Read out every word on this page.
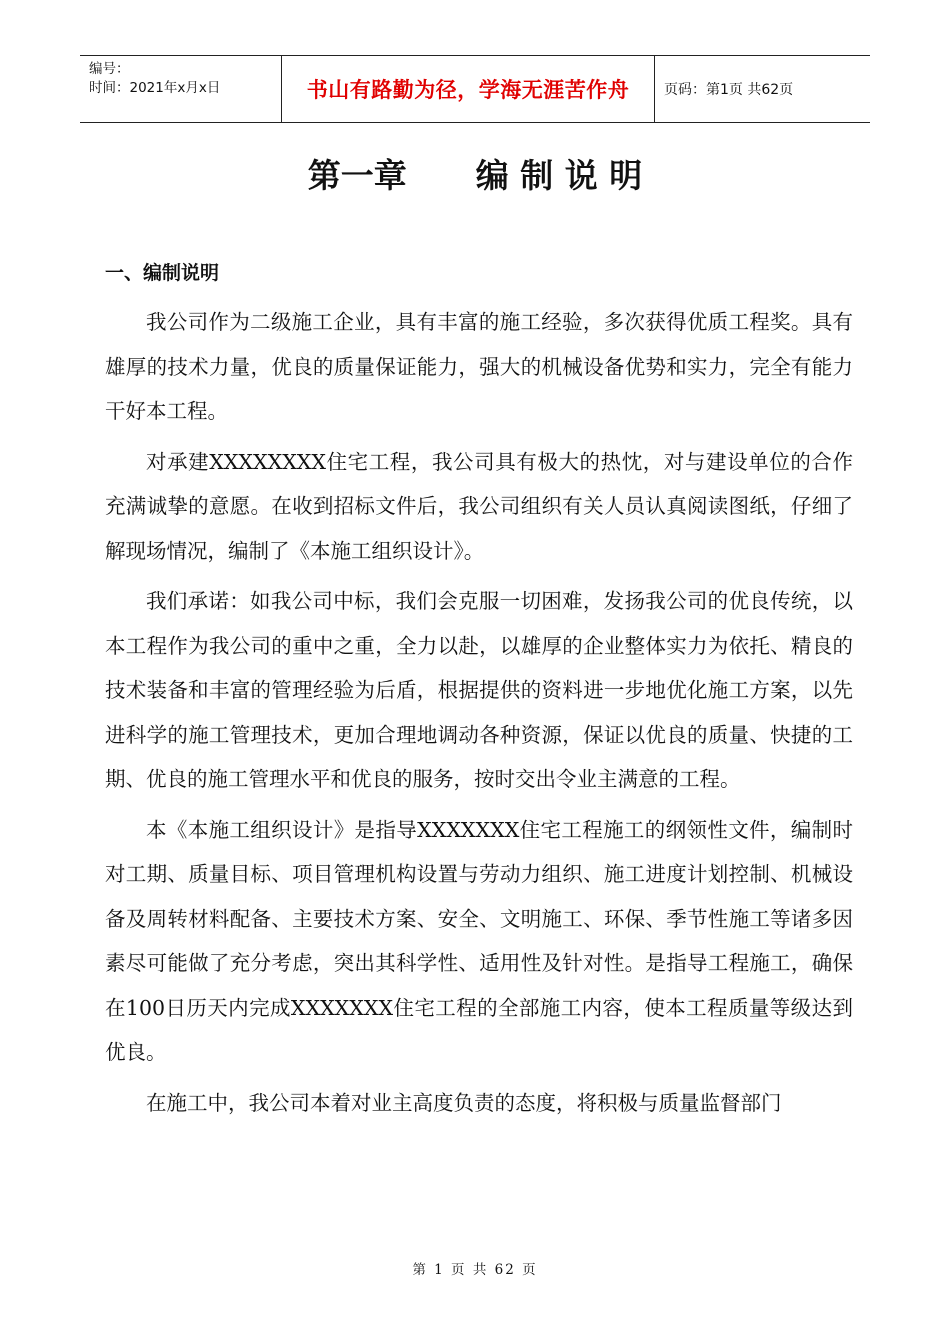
编号：
时间：2021年x月x日	书山有路勤为径，学海无涯苦作舟 页码：第1页 共62页
第一章      编 制 说 明
一、编制说明

我公司作为二级施工企业，具有丰富的施工经验，多次获得优质工程奖。具有雄厚的技术力量，优良的质量保证能力，强大的机械设备优势和实力，完全有能力干好本工程。

对承建XXXXXXXX住宅工程，我公司具有极大的热忱，对与建设单位的合作充满诚挚的意愿。在收到招标文件后，我公司组织有关人员认真阅读图纸，仔细了解现场情况，编制了《本施工组织设计》。

我们承诺：如我公司中标，我们会克服一切困难，发扬我公司的优良传统，以本工程作为我公司的重中之重，全力以赴，以雄厚的企业整体实力为依托、精良的技术装备和丰富的管理经验为后盾，根据提供的资料进一步地优化施工方案，以先进科学的施工管理技术，更加合理地调动各种资源，保证以优良的质量、快捷的工期、优良的施工管理水平和优良的服务，按时交出令业主满意的工程。

本《本施工组织设计》是指导XXXXXXX住宅工程施工的纲领性文件，编制时对工期、质量目标、项目管理机构设置与劳动力组织、施工进度计划控制、机械设备及周转材料配备、主要技术方案、安全、文明施工、环保、季节性施工等诸多因素尽可能做了充分考虑，突出其科学性、适用性及针对性。是指导工程施工，确保在100日历天内完成XXXXXXX住宅工程的全部施工内容，使本工程质量等级达到优良。

在施工中，我公司本着对业主高度负责的态度，将积极与质量监督部门

第 1 页 共 62 页
